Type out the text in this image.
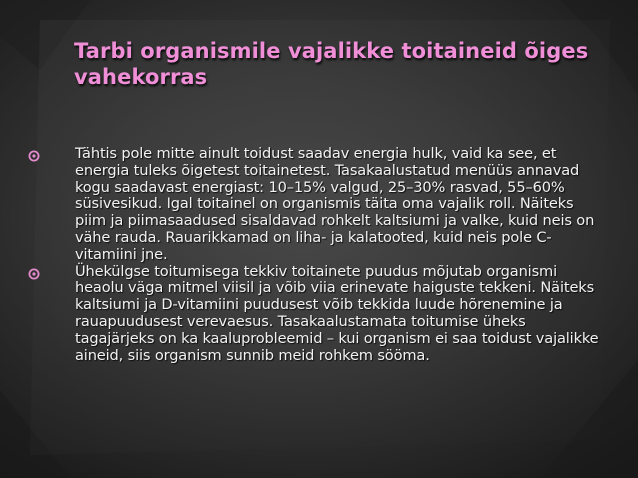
Tarbi organismile vajalikke toitaineid õiges vahekorras

Tähtis pole mitte ainult toidust saadav energia hulk, vaid ka see, et energia tuleks õigetest toitainetest. Tasakaalustatud menüüs annavad kogu saadavast energiast: 10–15% valgud, 25–30% rasvad, 55–60% süsivesikud. Igal toitainel on organismis täita oma vajalik roll. Näiteks piim ja piimasaadused sisaldavad rohkelt kaltsiumi ja valke, kuid neis on vähe rauda. Rauarikkamad on liha- ja kalatooted, kuid neis pole C-vitamiini jne.

Ühekülgse toitumisega tekkiv toitainete puudus mõjutab organismi heaolu väga mitmel viisil ja võib viia erinevate haiguste tekkeni. Näiteks kaltsiumi ja D-vitamiini puudusest võib tekkida luude hõrenemine ja rauapuudusest verevaesus. Tasakaalustamata toitumise üheks tagajärjeks on ka kaaluprobleemid – kui organism ei saa toidust vajalikke aineid, siis organism sunnib meid rohkem sööma.
